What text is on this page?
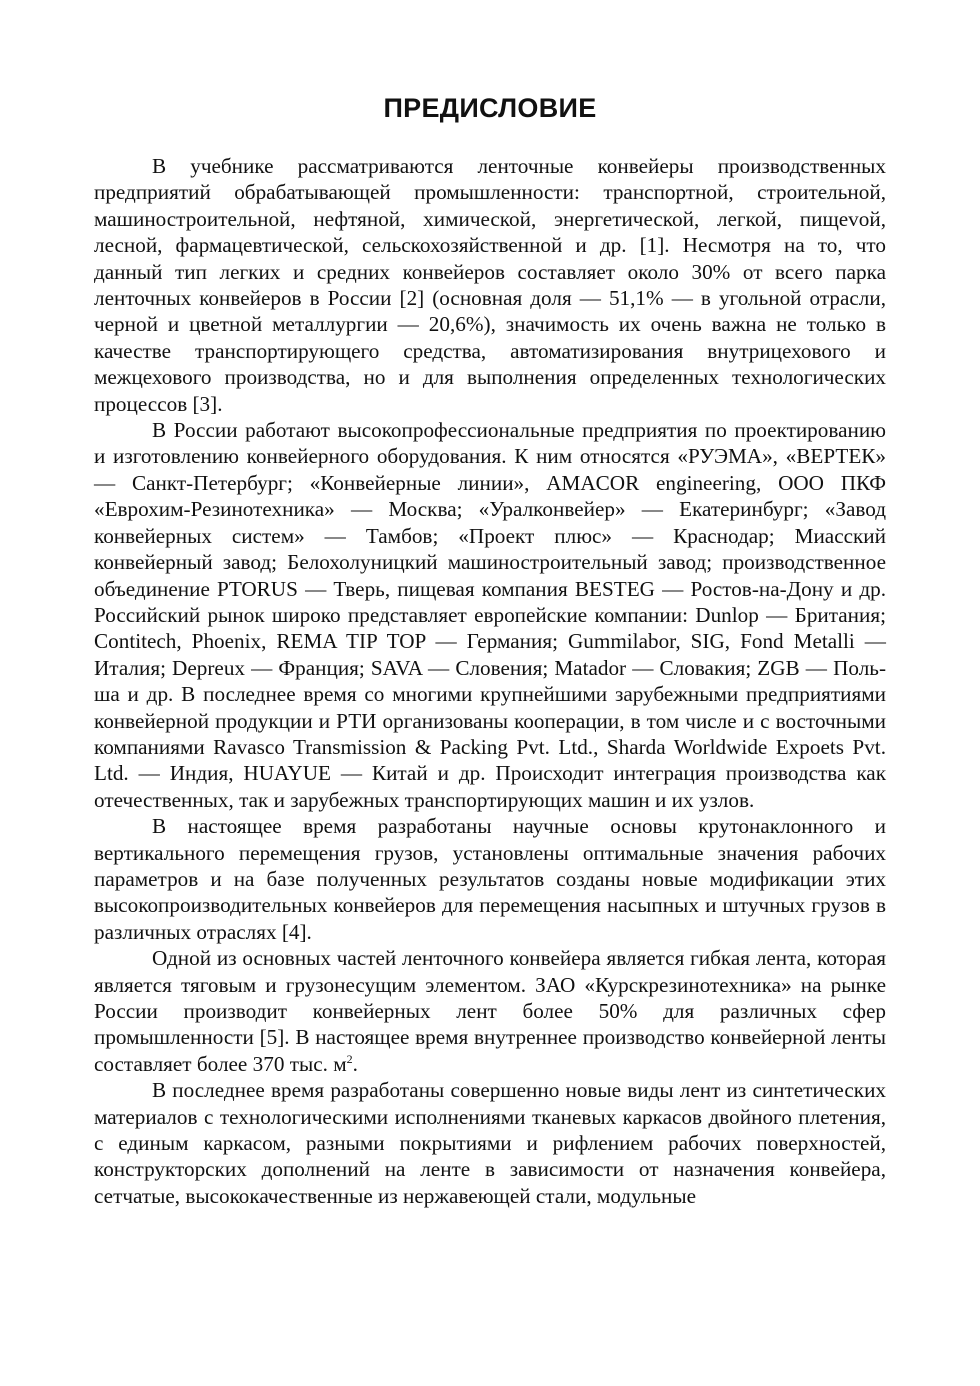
ПРЕДИСЛОВИЕ

В учебнике рассматриваются ленточные конвейеры производственных предприятий обрабатывающей промышленности: транспортной, строительной, машиностроительной, нефтяной, химической, энергетической, легкой, пищеvой, лесной, фармацевтической, сельскохозяйственной и др. [1]. Несмотря на то, что данный тип легких и средних конвейеров составляет около 30% от всего парка ленточных конвейеров в России [2] (основная доля — 51,1% — в угольной отрасли, черной и цветной металлургии — 20,6%), значимость их очень важна не только в качестве транспортирующего средства, автоматизирования внутрицехового и межцехового производства, но и для выполнения определенных технологических процессов [3].

В России работают высокопрофессиональные предприятия по проектированию и изготовлению конвейерного оборудования. К ним относятся «РУЭМА», «ВЕРТЕК» — Санкт-Петербург; «Конвейерные линии», AMACOR engineering, ООО ПКФ «Еврохим-Резинотехника» — Москва; «Уралконвейер» — Екатеринбург; «Завод конвейерных систем» — Тамбов; «Проект плюс» — Краснодар; Миасский конвейерный завод; Белохолуницкий машиностроительный завод; производственное объединение PTORUS — Тверь, пищевая компания BESTEG — Ростов-на-Дону и др. Российский рынок широко представляет европейские компании: Dunlop — Британия; Contitech, Phoenix, REMA TIP TOP — Германия; Gummilabor, SIG, Fond Metalli — Италия; Depreux — Франция; SAVA — Словения; Matador — Словакия; ZGB — Польша и др. В последнее время со многими крупнейшими зарубежными предприятиями конвейерной продукции и РТИ организованы кооперации, в том числе и с восточными компаниями Ravasco Transmission & Packing Pvt. Ltd., Sharda Worldwide Expoets Pvt. Ltd. — Индия, HUAYUE — Китай и др. Происходит интеграция производства как отечественных, так и зарубежных транспортирующих машин и их узлов.

В настоящее время разработаны научные основы крутонаклонного и вертикального перемещения грузов, установлены оптимальные значения рабочих параметров и на базе полученных результатов созданы новые модификации этих высокопроизводительных конвейеров для перемещения насыпных и штучных грузов в различных отраслях [4].

Одной из основных частей ленточного конвейера является гибкая лента, которая является тяговым и грузонесущим элементом. ЗАО «Курскрезинотехника» на рынке России производит конвейерных лент более 50% для различных сфер промышленности [5]. В настоящее время внутреннее производство конвейерной ленты составляет более 370 тыс. $м^2$.

В последнее время разработаны совершенно новые виды лент из синтетических материалов с технологическими исполнениями тканевых каркасов двойного плетения, с единым каркасом, разными покрытиями и рифлением рабочих поверхностей, конструкторских дополнений на ленте в зависимости от назначения конвейера, сетчатые, высококачественные из нержавеющей стали, модульные
